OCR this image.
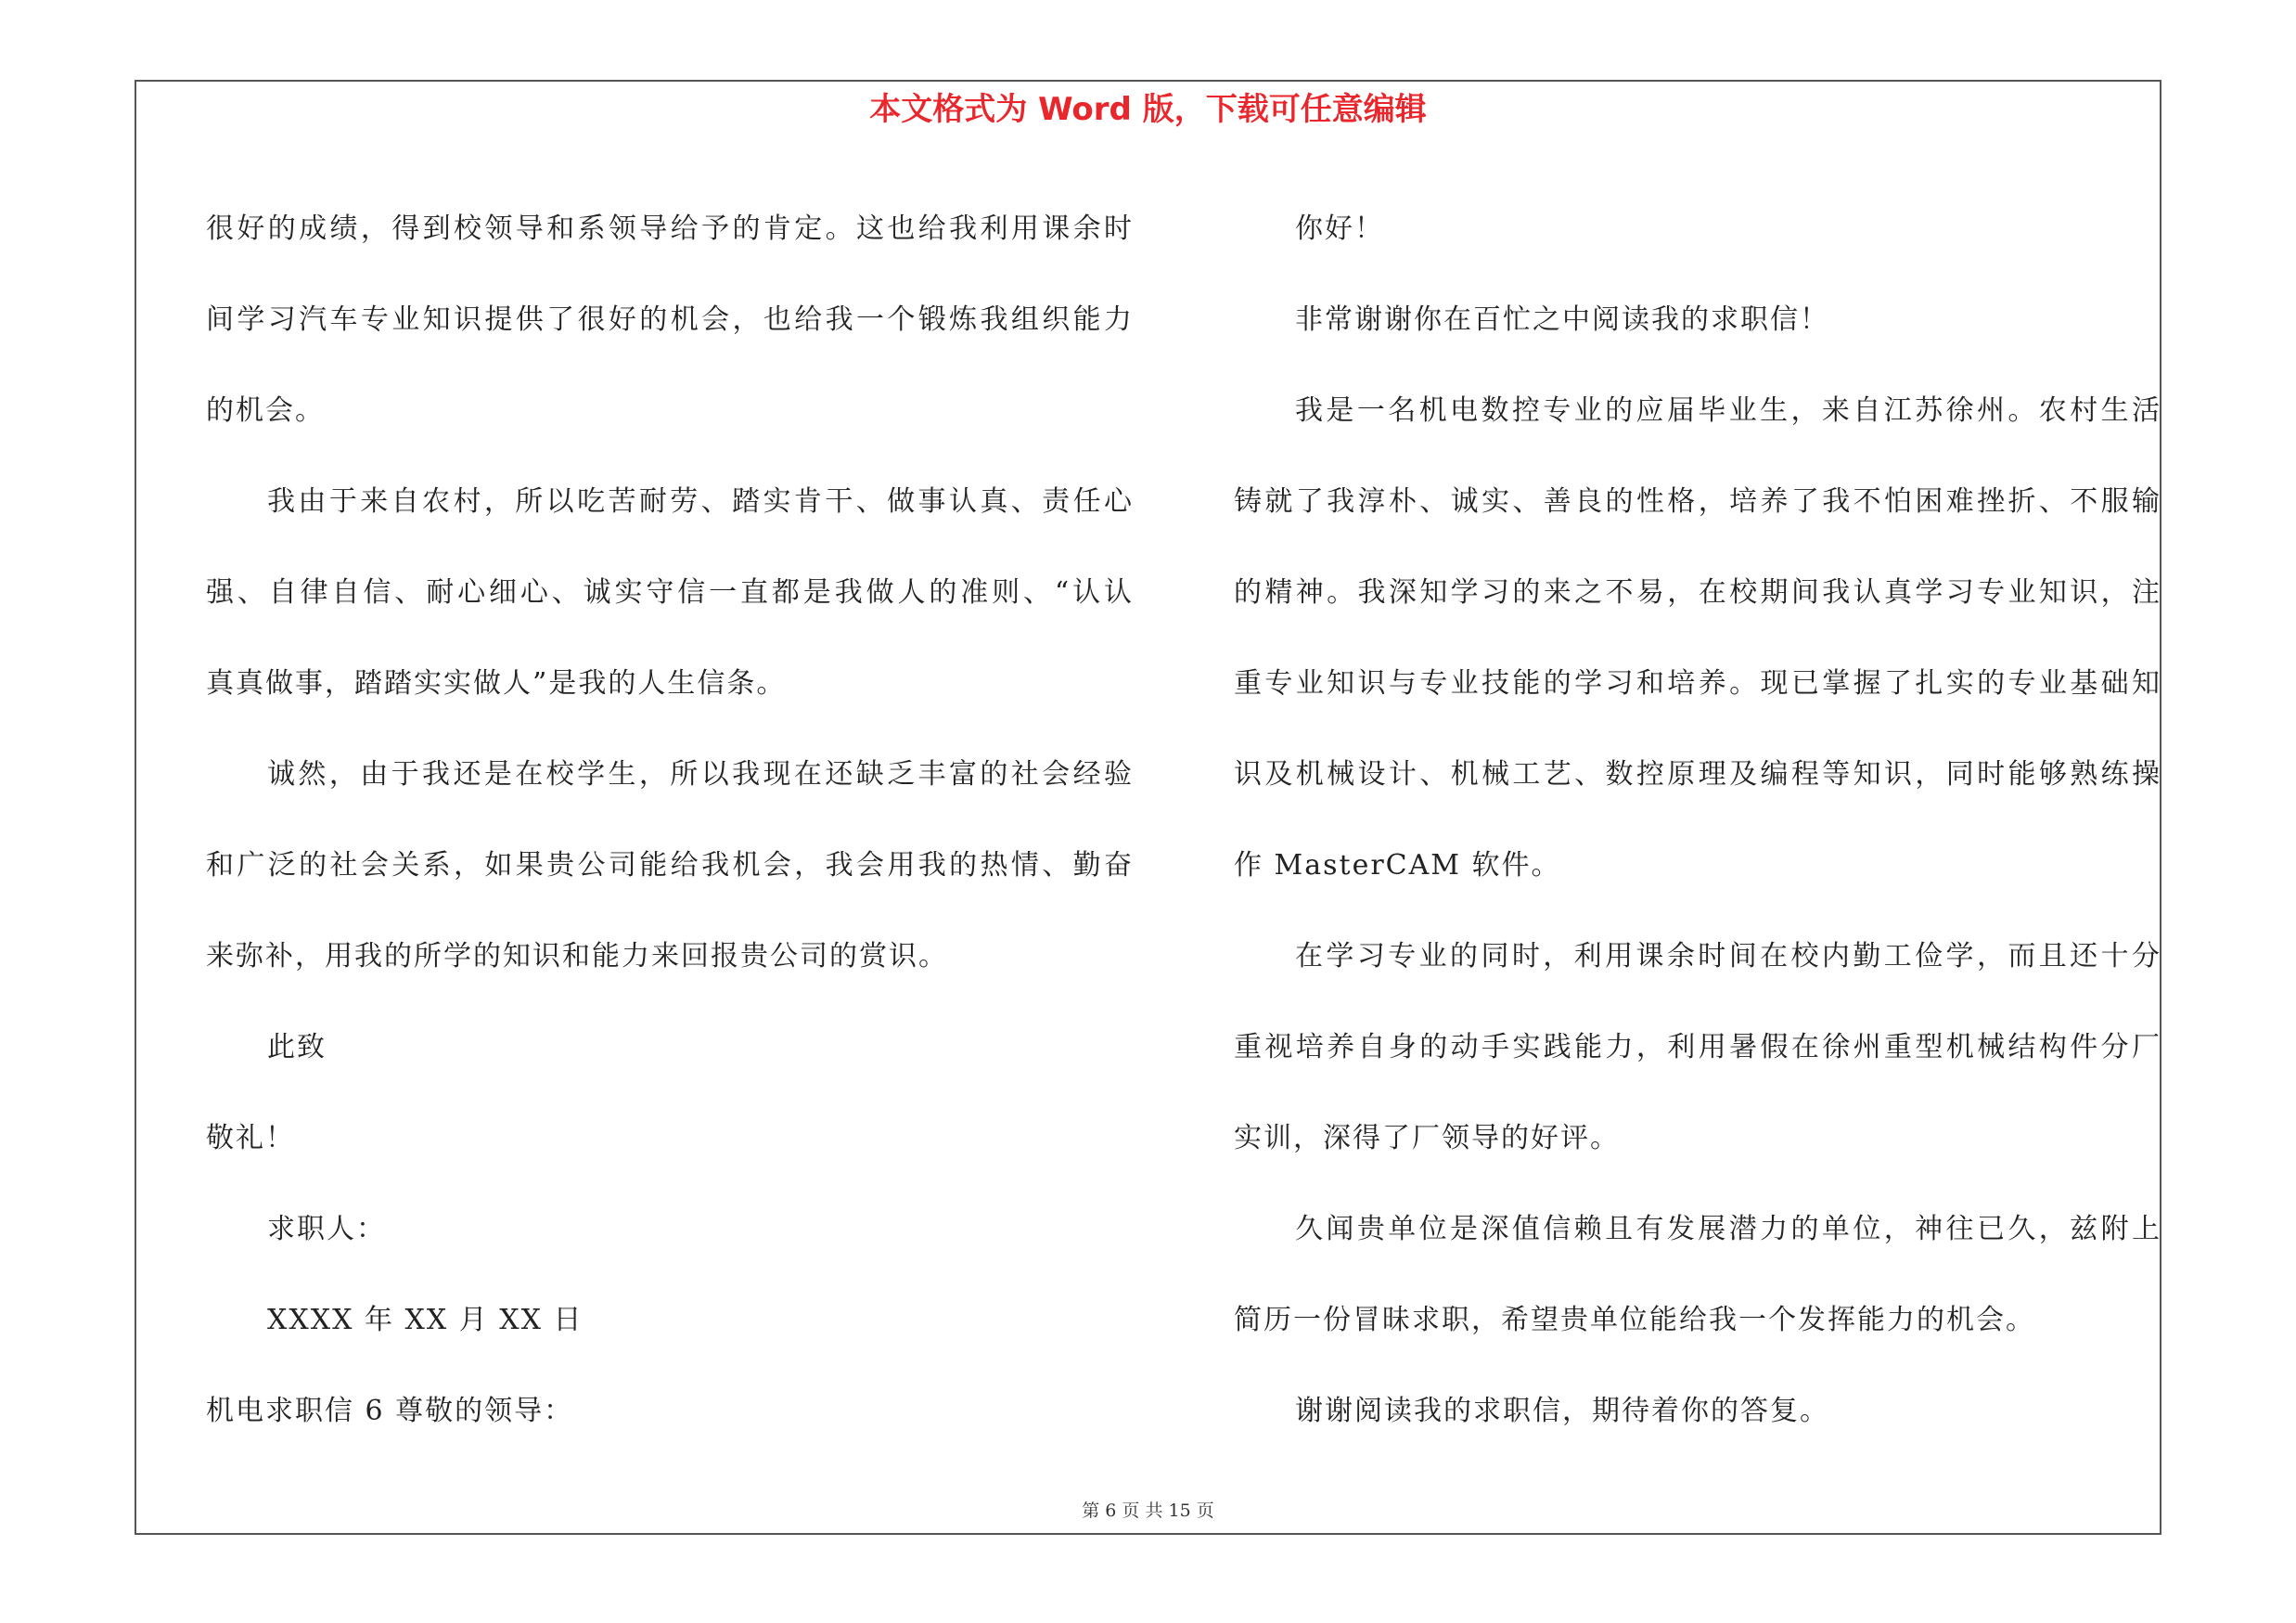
本文格式为 Word 版，下载可任意编辑
很好的成绩，得到校领导和系领导给予的肯定。这也给我利用课余时
间学习汽车专业知识提供了很好的机会，也给我一个锻炼我组织能力
的机会。
我由于来自农村，所以吃苦耐劳、踏实肯干、做事认真、责任心
强、自律自信、耐心细心、诚实守信一直都是我做人的准则、“认认
真真做事，踏踏实实做人”是我的人生信条。
诚然，由于我还是在校学生，所以我现在还缺乏丰富的社会经验
和广泛的社会关系，如果贵公司能给我机会，我会用我的热情、勤奋
来弥补，用我的所学的知识和能力来回报贵公司的赏识。
此致
敬礼！
求职人：
XXXX 年 XX 月 XX 日
机电求职信 6 尊敬的领导：
你好！
非常谢谢你在百忙之中阅读我的求职信！
我是一名机电数控专业的应届毕业生，来自江苏徐州。农村生活
铸就了我淳朴、诚实、善良的性格，培养了我不怕困难挫折、不服输
的精神。我深知学习的来之不易，在校期间我认真学习专业知识，注
重专业知识与专业技能的学习和培养。现已掌握了扎实的专业基础知
识及机械设计、机械工艺、数控原理及编程等知识，同时能够熟练操
作 MasterCAM 软件。
在学习专业的同时，利用课余时间在校内勤工俭学，而且还十分
重视培养自身的动手实践能力，利用暑假在徐州重型机械结构件分厂
实训，深得了厂领导的好评。
久闻贵单位是深值信赖且有发展潜力的单位，神往已久，兹附上
简历一份冒昧求职，希望贵单位能给我一个发挥能力的机会。
谢谢阅读我的求职信，期待着你的答复。
第 6 页 共 15 页
